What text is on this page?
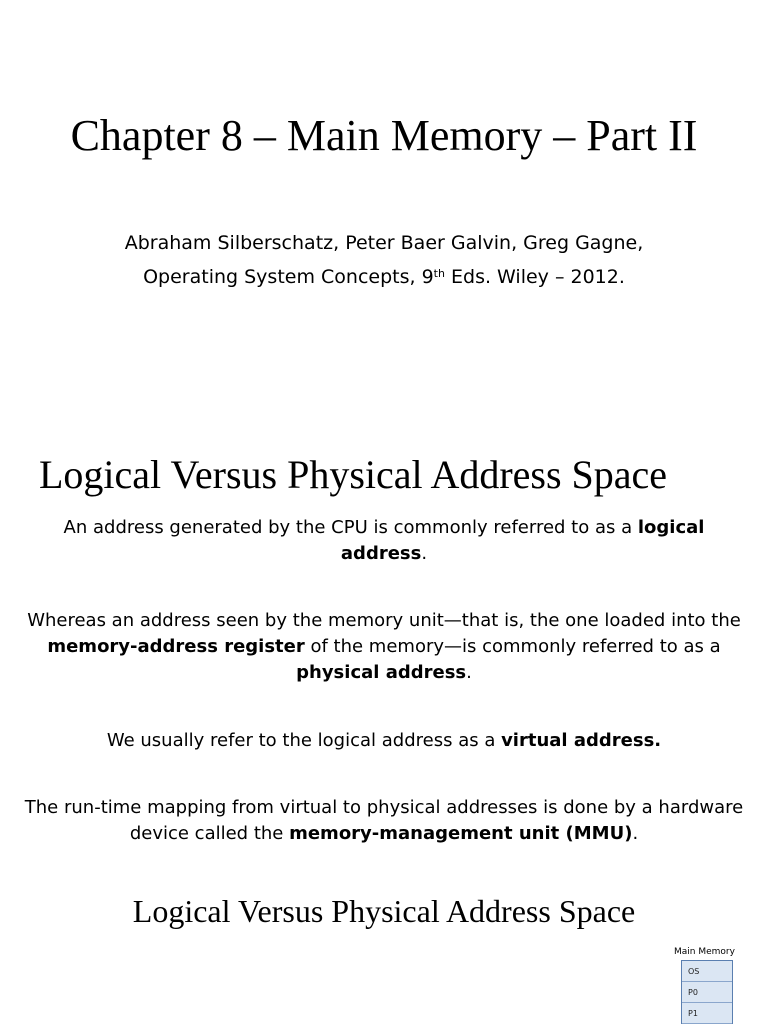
Chapter 8 – Main Memory – Part II
Abraham Silberschatz, Peter Baer Galvin, Greg Gagne,
Operating System Concepts, 9th Eds. Wiley – 2012.
Logical Versus Physical Address Space
An address generated by the CPU is commonly referred to as a logical address.
Whereas an address seen by the memory unit—that is, the one loaded into the memory-address register of the memory—is commonly referred to as a physical address.
We usually refer to the logical address as a virtual address.
The run-time mapping from virtual to physical addresses is done by a hardware device called the memory-management unit (MMU).
Logical Versus Physical Address Space
Main Memory
OS
P0
P1
